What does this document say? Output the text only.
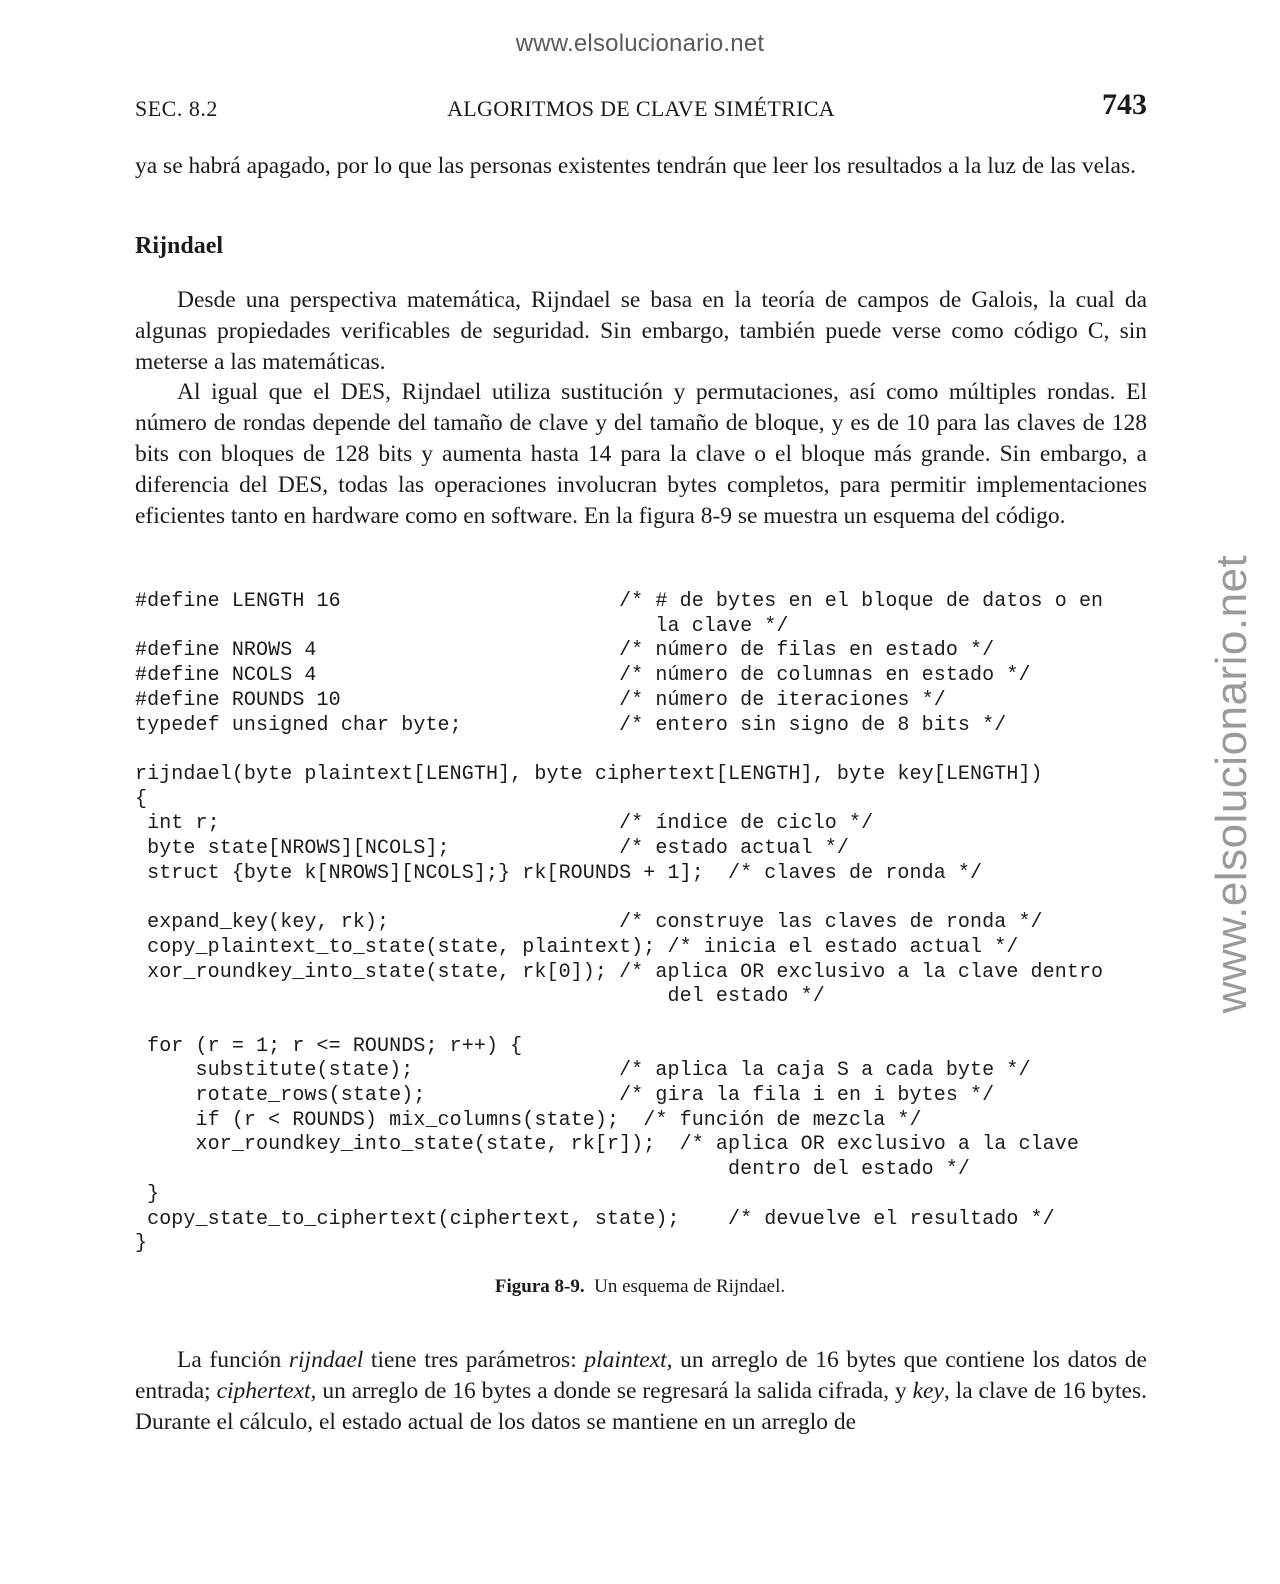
www.elsolucionario.net
www.elsolucionario.net
SEC. 8.2	ALGORITMOS DE CLAVE SIMÉTRICA	743

ya se habrá apagado, por lo que las personas existentes tendrán que leer los resultados a la luz de las velas.

Rijndael

Desde una perspectiva matemática, Rijndael se basa en la teoría de campos de Galois, la cual da algunas propiedades verificables de seguridad. Sin embargo, también puede verse como código C, sin meterse a las matemáticas.

Al igual que el DES, Rijndael utiliza sustitución y permutaciones, así como múltiples rondas. El número de rondas depende del tamaño de clave y del tamaño de bloque, y es de 10 para las claves de 128 bits con bloques de 128 bits y aumenta hasta 14 para la clave o el bloque más grande. Sin embargo, a diferencia del DES, todas las operaciones involucran bytes completos, para permitir implementaciones eficientes tanto en hardware como en software. En la figura 8-9 se muestra un esquema del código.

#define LENGTH 16                       /* # de bytes en el bloque de datos o en
la clave */
#define NROWS 4                         /* número de filas en estado */
#define NCOLS 4                         /* número de columnas en estado */
#define ROUNDS 10                       /* número de iteraciones */
typedef unsigned char byte;             /* entero sin signo de 8 bits */

rijndael(byte plaintext[LENGTH], byte ciphertext[LENGTH], byte key[LENGTH])
{
int r;                                 /* índice de ciclo */
byte state[NROWS][NCOLS];              /* estado actual */
struct {byte k[NROWS][NCOLS];} rk[ROUNDS + 1];  /* claves de ronda */

expand_key(key, rk);                   /* construye las claves de ronda */
copy_plaintext_to_state(state, plaintext); /* inicia el estado actual */
xor_roundkey_into_state(state, rk[0]); /* aplica OR exclusivo a la clave dentro
del estado */

for (r = 1; r <= ROUNDS; r++) {
substitute(state);                 /* aplica la caja S a cada byte */
rotate_rows(state);                /* gira la fila i en i bytes */
if (r < ROUNDS) mix_columns(state);  /* función de mezcla */
xor_roundkey_into_state(state, rk[r]);  /* aplica OR exclusivo a la clave
dentro del estado */
}
copy_state_to_ciphertext(ciphertext, state);    /* devuelve el resultado */
}
Figura 8-9. Un esquema de Rijndael.

La función rijndael tiene tres parámetros: plaintext, un arreglo de 16 bytes que contiene los datos de entrada; ciphertext, un arreglo de 16 bytes a donde se regresará la salida cifrada, y key, la clave de 16 bytes. Durante el cálculo, el estado actual de los datos se mantiene en un arreglo de
